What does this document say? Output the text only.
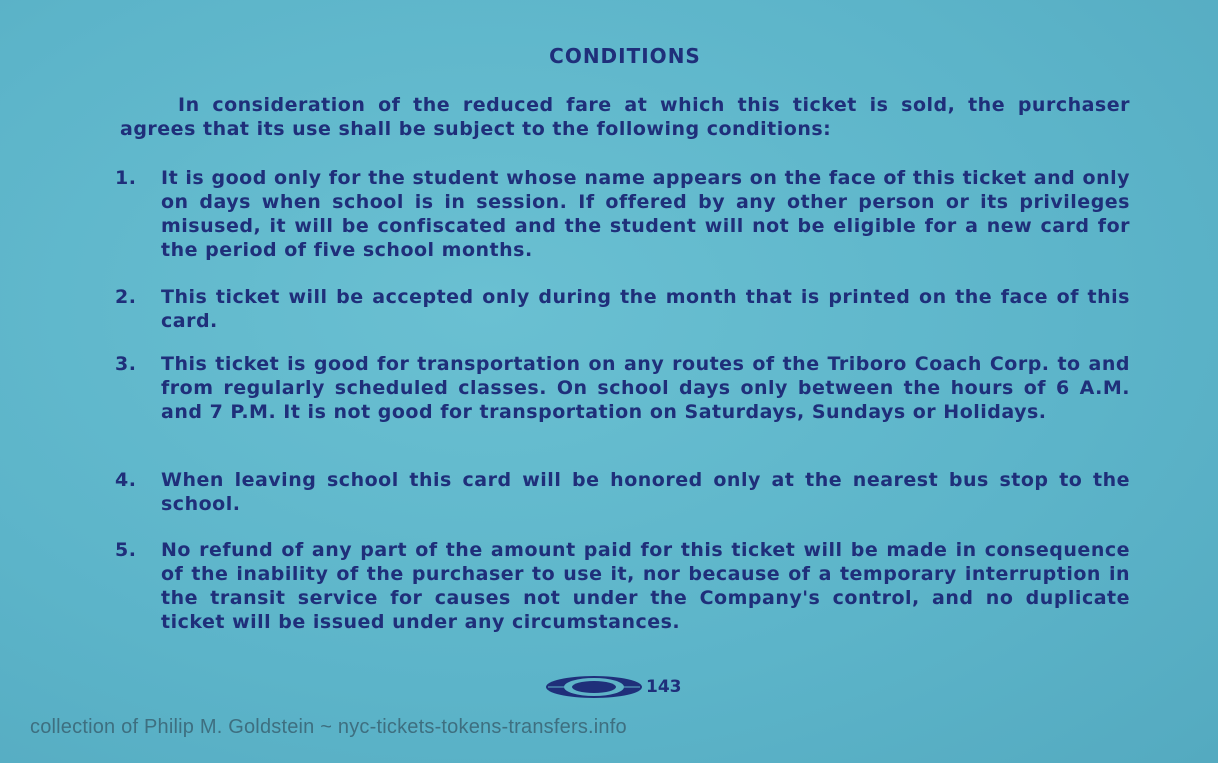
CONDITIONS
In consideration of the reduced fare at which this ticket is sold, the purchaser agrees that its use shall be subject to the following conditions:
1.	It is good only for the student whose name appears on the face of this ticket and only on days when school is in session. If offered by any other person or its privileges misused, it will be confiscated and the student will not be eligible for a new card for the period of five school months.
2.	This ticket will be accepted only during the month that is printed on the face of this card.
3.	This ticket is good for transportation on any routes of the Triboro Coach Corp. to and from regularly scheduled classes. On school days only between the hours of 6 A.M. and 7 P.M. It is not good for transportation on Saturdays, Sundays or Holidays.
4.	When leaving school this card will be honored only at the nearest bus stop to the school.
5.	No refund of any part of the amount paid for this ticket will be made in consequence of the inability of the purchaser to use it, nor because of a temporary interruption in the transit service for causes not under the Company's control, and no duplicate ticket will be issued under any circumstances.
143
collection of Philip M. Goldstein ~ nyc-tickets-tokens-transfers.info
